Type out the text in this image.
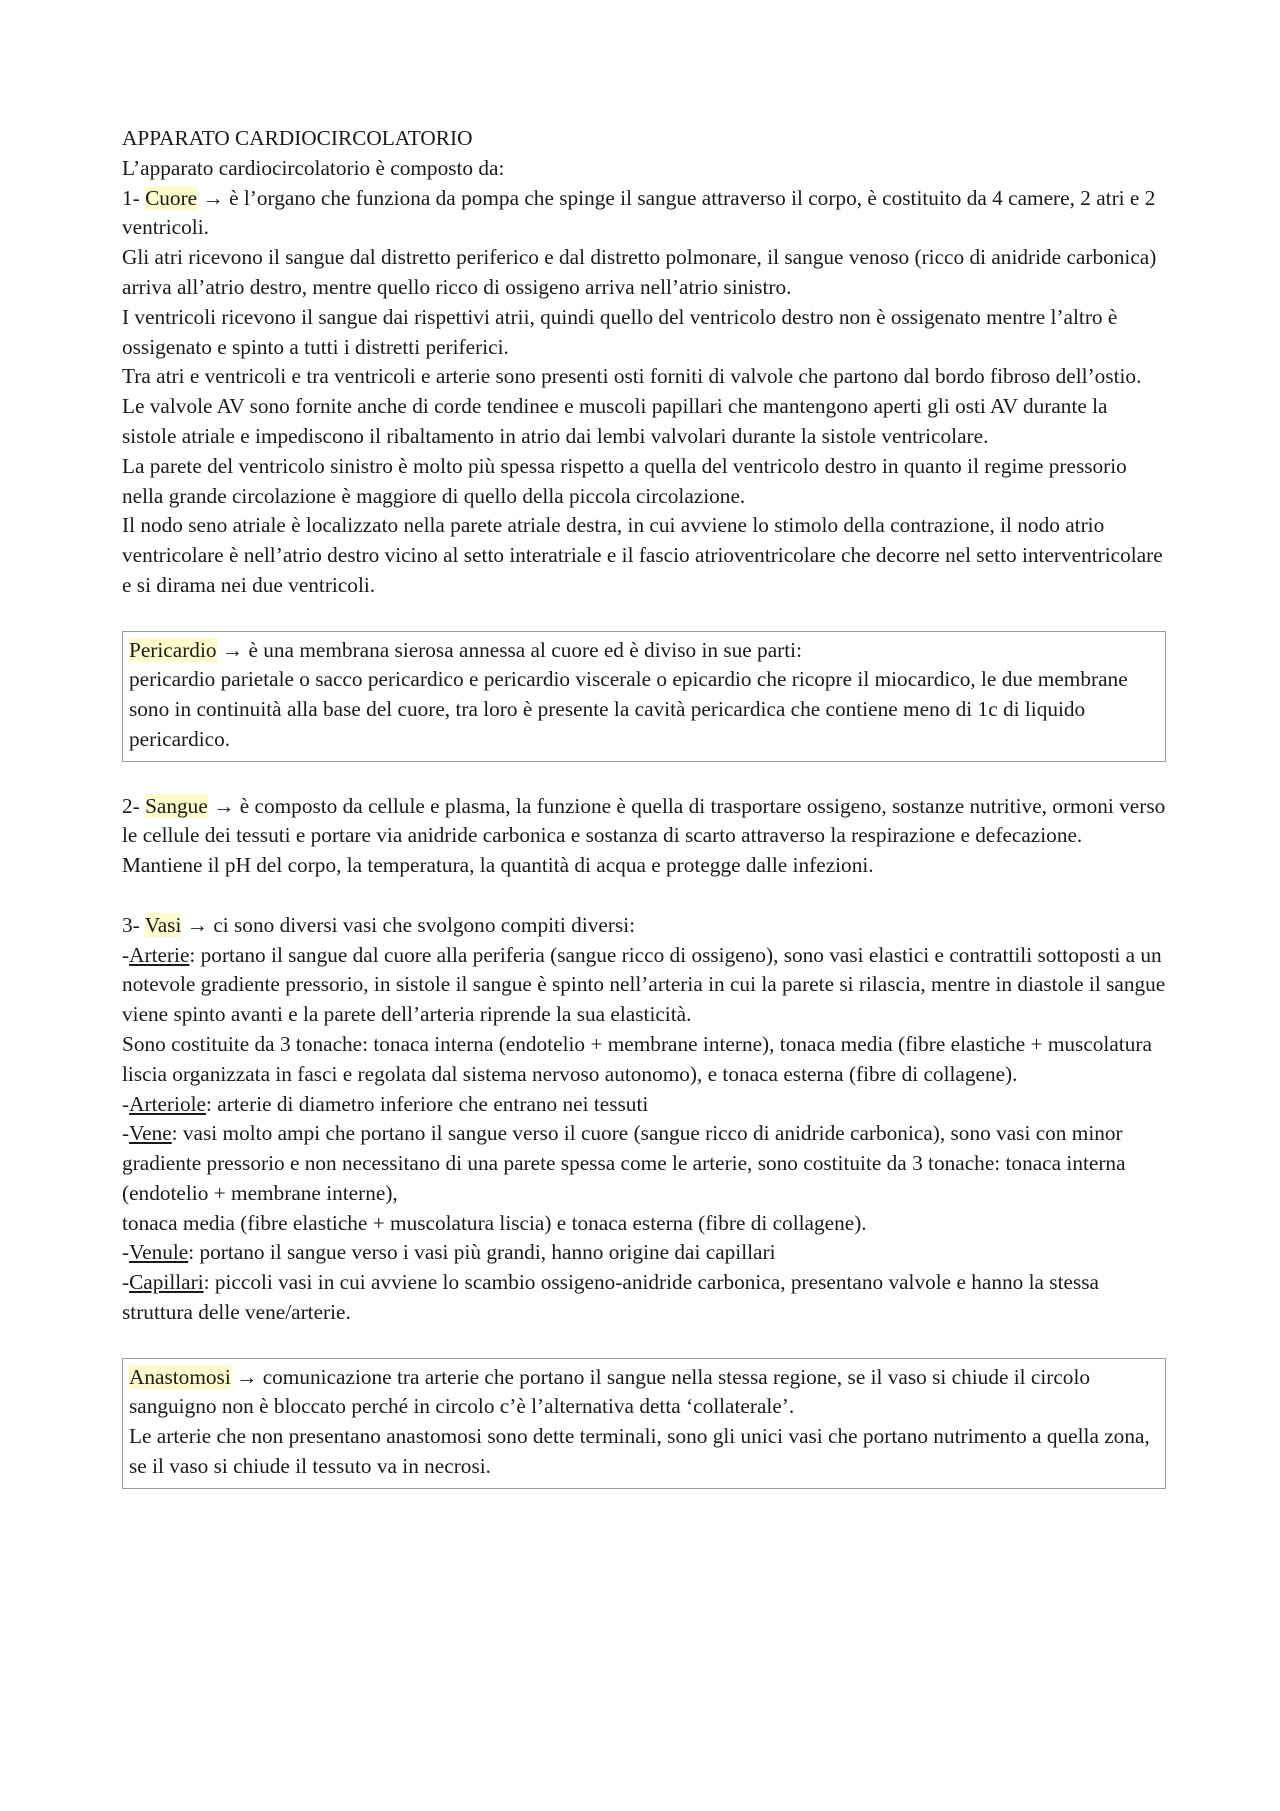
APPARATO CARDIOCIRCOLATORIO

L’apparato cardiocircolatorio è composto da:

1- Cuore → è l’organo che funziona da pompa che spinge il sangue attraverso il corpo, è costituito da 4 camere, 2 atri e 2 ventricoli.

Gli atri ricevono il sangue dal distretto periferico e dal distretto polmonare, il sangue venoso (ricco di anidride carbonica) arriva all’atrio destro, mentre quello ricco di ossigeno arriva nell’atrio sinistro.

I ventricoli ricevono il sangue dai rispettivi atrii, quindi quello del ventricolo destro non è ossigenato mentre l’altro è ossigenato e spinto a tutti i distretti periferici.

Tra atri e ventricoli e tra ventricoli e arterie sono presenti osti forniti di valvole che partono dal bordo fibroso dell’ostio.

Le valvole AV sono fornite anche di corde tendinee e muscoli papillari che mantengono aperti gli osti AV durante la sistole atriale e impediscono il ribaltamento in atrio dai lembi valvolari durante la sistole ventricolare.

La parete del ventricolo sinistro è molto più spessa rispetto a quella del ventricolo destro in quanto il regime pressorio nella grande circolazione è maggiore di quello della piccola circolazione.

Il nodo seno atriale è localizzato nella parete atriale destra, in cui avviene lo stimolo della contrazione, il nodo atrio ventricolare è nell’atrio destro vicino al setto interatriale e il fascio atrioventricolare che decorre nel setto interventricolare e si dirama nei due ventricoli.

Pericardio → è una membrana sierosa annessa al cuore ed è diviso in sue parti:

pericardio parietale o sacco pericardico e pericardio viscerale o epicardio che ricopre il miocardico, le due membrane sono in continuità alla base del cuore, tra loro è presente la cavità pericardica che contiene meno di 1c di liquido pericardico.

2- Sangue → è composto da cellule e plasma, la funzione è quella di trasportare ossigeno, sostanze nutritive, ormoni verso le cellule dei tessuti e portare via anidride carbonica e sostanza di scarto attraverso la respirazione e defecazione.

Mantiene il pH del corpo, la temperatura, la quantità di acqua e protegge dalle infezioni.

3- Vasi → ci sono diversi vasi che svolgono compiti diversi:

-Arterie: portano il sangue dal cuore alla periferia (sangue ricco di ossigeno), sono vasi elastici e contrattili sottoposti a un notevole gradiente pressorio, in sistole il sangue è spinto nell’arteria in cui la parete si rilascia, mentre in diastole il sangue viene spinto avanti e la parete dell’arteria riprende la sua elasticità.

Sono costituite da 3 tonache: tonaca interna (endotelio + membrane interne), tonaca media (fibre elastiche + muscolatura liscia organizzata in fasci e regolata dal sistema nervoso autonomo), e tonaca esterna (fibre di collagene).

-Arteriole: arterie di diametro inferiore che entrano nei tessuti

-Vene: vasi molto ampi che portano il sangue verso il cuore (sangue ricco di anidride carbonica), sono vasi con minor gradiente pressorio e non necessitano di una parete spessa come le arterie, sono costituite da 3 tonache: tonaca interna (endotelio + membrane interne),

tonaca media (fibre elastiche + muscolatura liscia) e tonaca esterna (fibre di collagene).

-Venule: portano il sangue verso i vasi più grandi, hanno origine dai capillari

-Capillari: piccoli vasi in cui avviene lo scambio ossigeno-anidride carbonica, presentano valvole e hanno la stessa struttura delle vene/arterie.

Anastomosi → comunicazione tra arterie che portano il sangue nella stessa regione, se il vaso si chiude il circolo sanguigno non è bloccato perché in circolo c’è l’alternativa detta ‘collaterale’.

Le arterie che non presentano anastomosi sono dette terminali, sono gli unici vasi che portano nutrimento a quella zona, se il vaso si chiude il tessuto va in necrosi.
